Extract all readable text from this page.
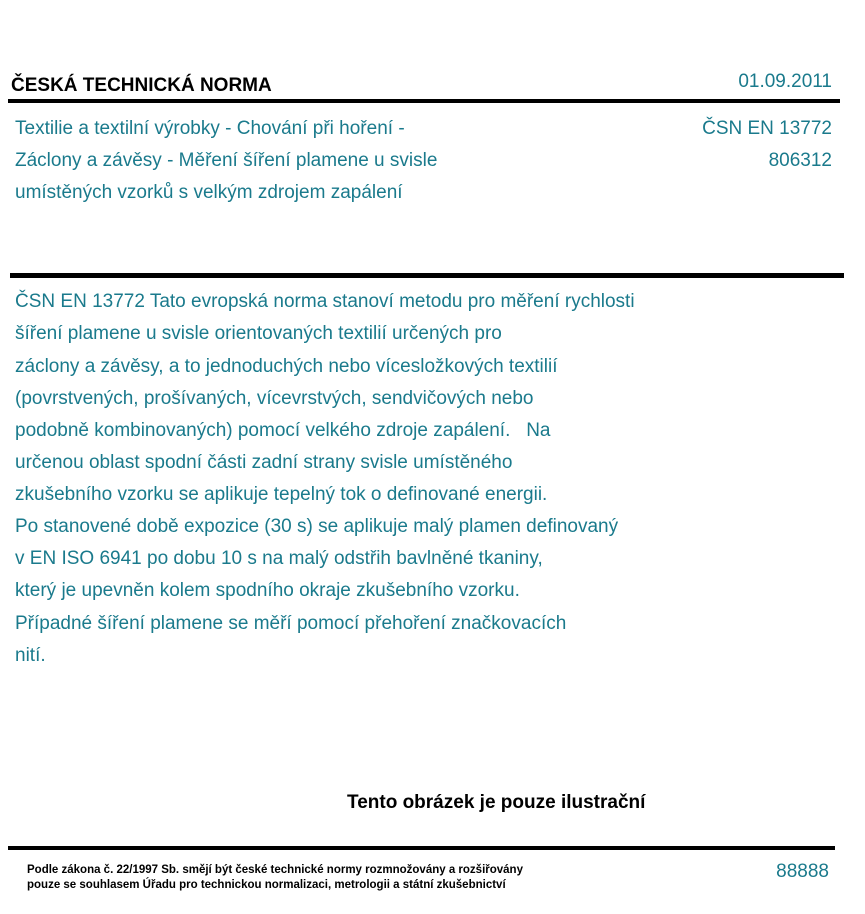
ČESKÁ TECHNICKÁ NORMA	01.09.2011
Textilie a textilní výrobky - Chování při hoření -
Záclony a závěsy - Měření šíření plamene u svisle
umístěných vzorků s velkým zdrojem zapálení
ČSN EN 13772
806312
ČSN EN 13772 Tato evropská norma stanoví metodu pro měření rychlosti
šíření plamene u svisle orientovaných textilií určených pro
záclony a závěsy, a to jednoduchých nebo vícesložkových textilií
(povrstvených, prošívaných, vícevrstvých, sendvičových nebo
podobně kombinovaných) pomocí velkého zdroje zapálení.   Na
určenou oblast spodní části zadní strany svisle umístěného
zkušebního vzorku se aplikuje tepelný tok o definované energii.
Po stanovené době expozice (30 s) se aplikuje malý plamen definovaný
v EN ISO 6941 po dobu 10 s na malý odstřih bavlněné tkaniny,
který je upevněn kolem spodního okraje zkušebního vzorku.
Případné šíření plamene se měří pomocí přehoření značkovacích
nití.
Tento obrázek je pouze ilustrační
Podle zákona č. 22/1997 Sb. smějí být české technické normy rozmnožovány a rozšiřovány
pouze se souhlasem Úřadu pro technickou normalizaci, metrologii a státní zkušebnictví
88888
